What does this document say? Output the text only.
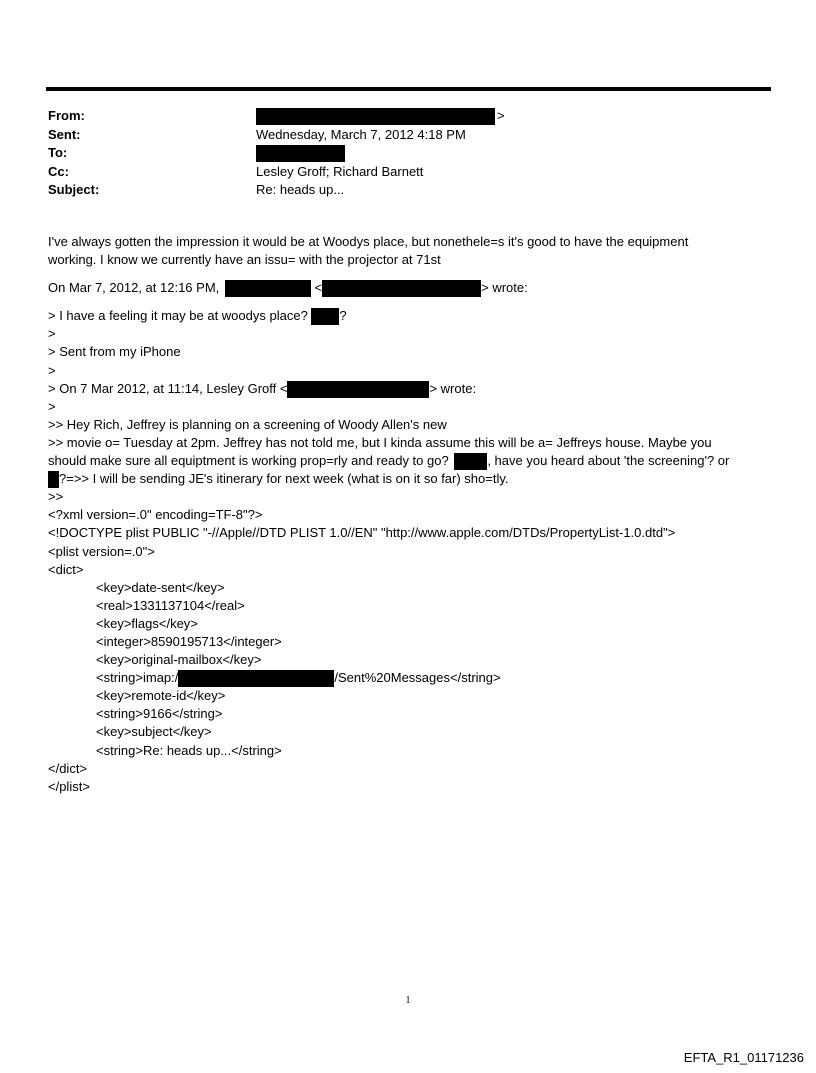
From:	>
Sent:	Wednesday, March 7, 2012 4:18 PM
To:
Cc:	Lesley Groff; Richard Barnett
Subject:	Re: heads up...
I've always gotten the impression it would be at Woodys place, but nonethele=s it's good to have the equipment
working. I know we currently have an issu= with the projector at 71st
On Mar 7, 2012, at 12:16 PM,	<	> wrote:
> I have a feeling it may be at woodys place? ?
>
> Sent from my iPhone
>
> On 7 Mar 2012, at 11:14, Lesley Groff <	> wrote:
>
>> Hey Rich, Jeffrey is planning on a screening of Woody Allen's new
>> movie o= Tuesday at 2pm. Jeffrey has not told me, but I kinda assume this will be a= Jeffreys house. Maybe you
should make sure all equiptment is working prop=rly and ready to go?	, have you heard about 'the screening'? or
?=>> I will be sending JE's itinerary for next week (what is on it so far) sho=tly.
>>
<?xml version=.0" encoding=TF-8"?>
<!DOCTYPE plist PUBLIC "-//Apple//DTD PLIST 1.0//EN" "http://www.apple.com/DTDs/PropertyList-1.0.dtd">
<plist version=.0">
<dict>
<key>date-sent</key>
<real>1331137104</real>
<key>flags</key>
<integer>8590195713</integer>
<key>original-mailbox</key>
<string>imap:/	/Sent%20Messages</string>
<key>remote-id</key>
<string>9166</string>
<key>subject</key>
<string>Re: heads up...</string>
</dict>
</plist>
1
EFTA_R1_01171236
